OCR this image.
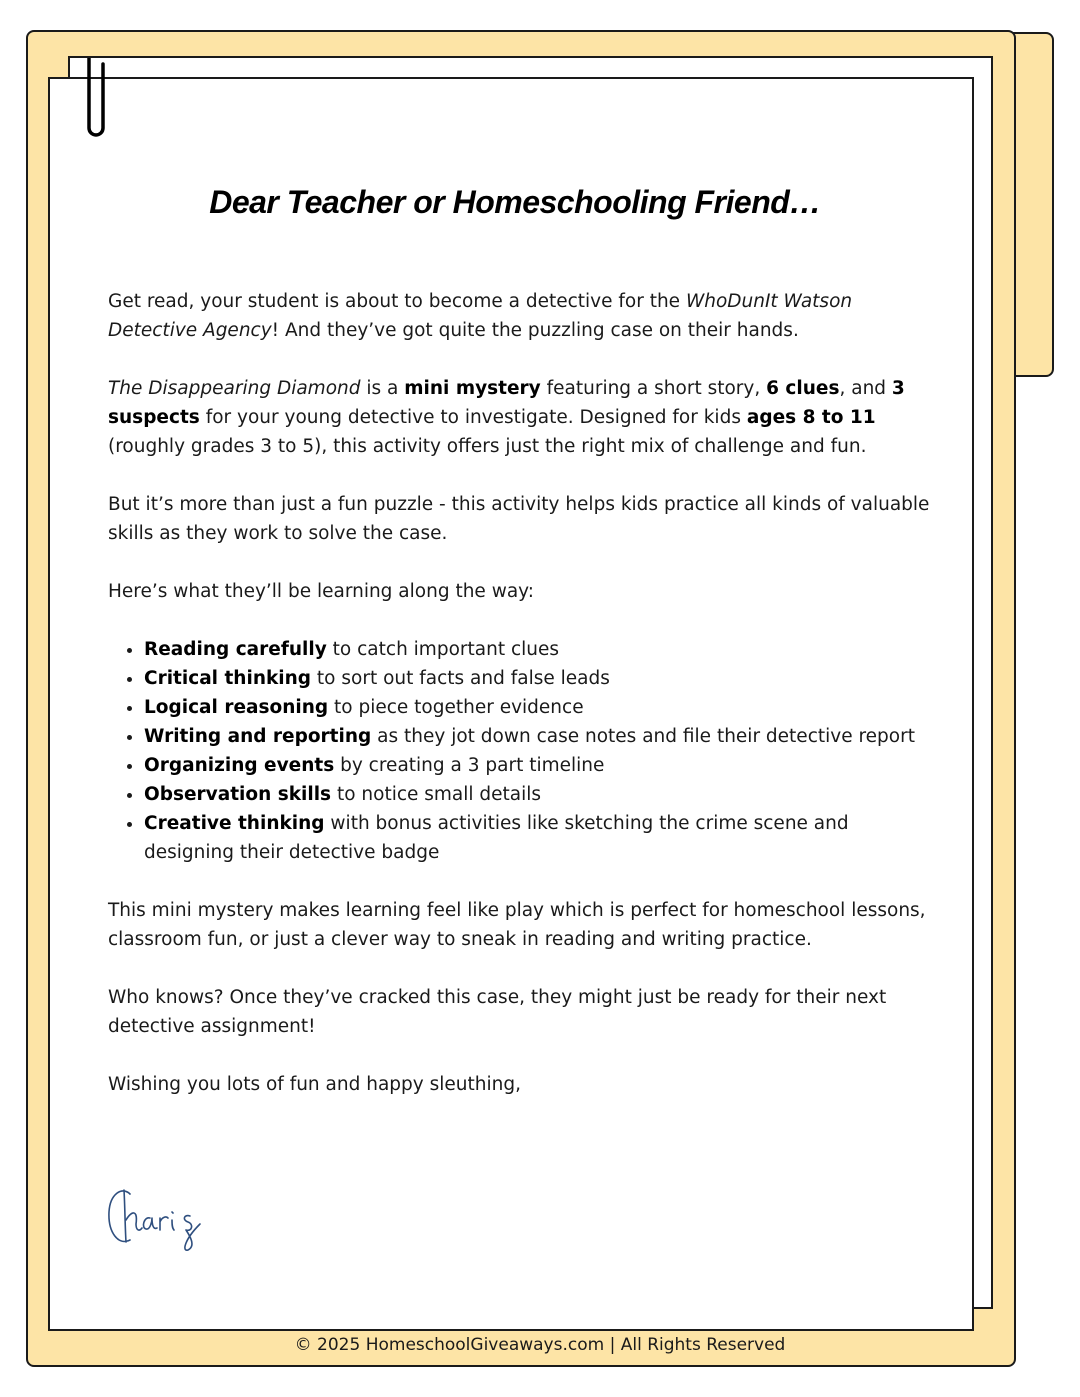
Dear Teacher or Homeschooling Friend…

Get read, your student is about to become a detective for the WhoDunIt Watson Detective Agency! And they’ve got quite the puzzling case on their hands.

The Disappearing Diamond is a mini mystery featuring a short story, 6 clues, and 3 suspects for your young detective to investigate. Designed for kids ages 8 to 11 (roughly grades 3 to 5), this activity offers just the right mix of challenge and fun.

But it’s more than just a fun puzzle - this activity helps kids practice all kinds of valuable skills as they work to solve the case.

Here’s what they’ll be learning along the way:

• Reading carefully to catch important clues
• Critical thinking to sort out facts and false leads
• Logical reasoning to piece together evidence
• Writing and reporting as they jot down case notes and file their detective report
• Organizing events by creating a 3 part timeline
• Observation skills to notice small details
• Creative thinking with bonus activities like sketching the crime scene and designing their detective badge

This mini mystery makes learning feel like play which is perfect for homeschool lessons, classroom fun, or just a clever way to sneak in reading and writing practice.

Who knows? Once they’ve cracked this case, they might just be ready for their next detective assignment!

Wishing you lots of fun and happy sleuthing,

© 2025 HomeschoolGiveaways.com | All Rights Reserved
